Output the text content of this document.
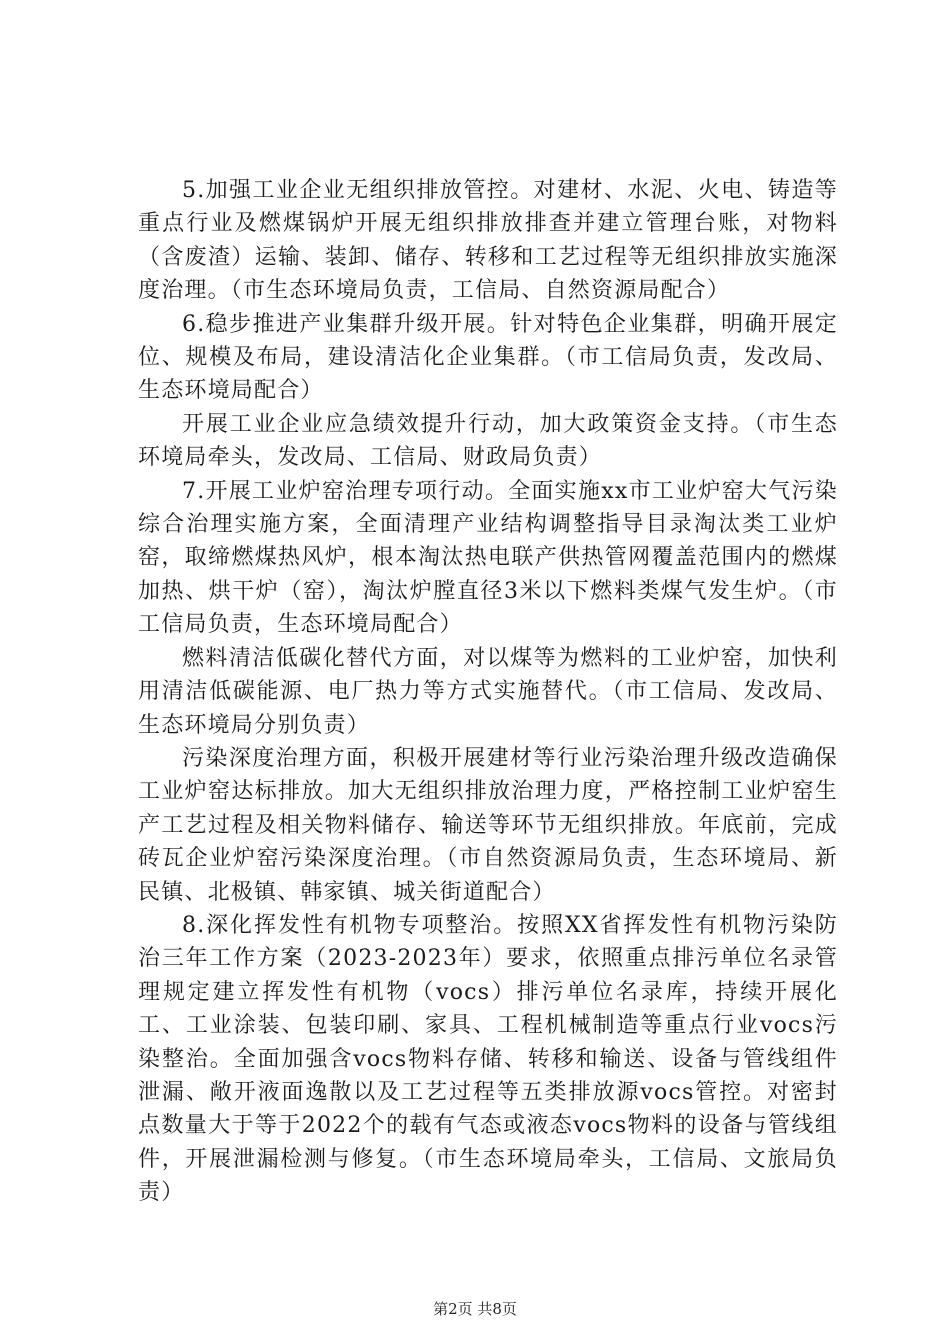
5.加强工业企业无组织排放管控。对建材、水泥、火电、铸造等重点行业及燃煤锅炉开展无组织排放排查并建立管理台账，对物料（含废渣）运输、装卸、储存、转移和工艺过程等无组织排放实施深度治理。（市生态环境局负责，工信局、自然资源局配合）

6.稳步推进产业集群升级开展。针对特色企业集群，明确开展定位、规模及布局，建设清洁化企业集群。（市工信局负责，发改局、生态环境局配合）

开展工业企业应急绩效提升行动，加大政策资金支持。（市生态环境局牵头，发改局、工信局、财政局负责）

7.开展工业炉窑治理专项行动。全面实施xx市工业炉窑大气污染综合治理实施方案，全面清理产业结构调整指导目录淘汰类工业炉窑，取缔燃煤热风炉，根本淘汰热电联产供热管网覆盖范围内的燃煤加热、烘干炉（窑），淘汰炉膛直径3米以下燃料类煤气发生炉。（市工信局负责，生态环境局配合）

燃料清洁低碳化替代方面，对以煤等为燃料的工业炉窑，加快利用清洁低碳能源、电厂热力等方式实施替代。（市工信局、发改局、生态环境局分别负责）

污染深度治理方面，积极开展建材等行业污染治理升级改造确保工业炉窑达标排放。加大无组织排放治理力度，严格控制工业炉窑生产工艺过程及相关物料储存、输送等环节无组织排放。年底前，完成砖瓦企业炉窑污染深度治理。（市自然资源局负责，生态环境局、新民镇、北极镇、韩家镇、城关街道配合）

8.深化挥发性有机物专项整治。按照XX省挥发性有机物污染防治三年工作方案（2023-2023年）要求，依照重点排污单位名录管理规定建立挥发性有机物（vocs）排污单位名录库，持续开展化工、工业涂装、包装印刷、家具、工程机械制造等重点行业vocs污染整治。全面加强含vocs物料存储、转移和输送、设备与管线组件泄漏、敞开液面逸散以及工艺过程等五类排放源vocs管控。对密封点数量大于等于2022个的载有气态或液态vocs物料的设备与管线组件，开展泄漏检测与修复。（市生态环境局牵头，工信局、文旅局负责）

第2页 共8页
